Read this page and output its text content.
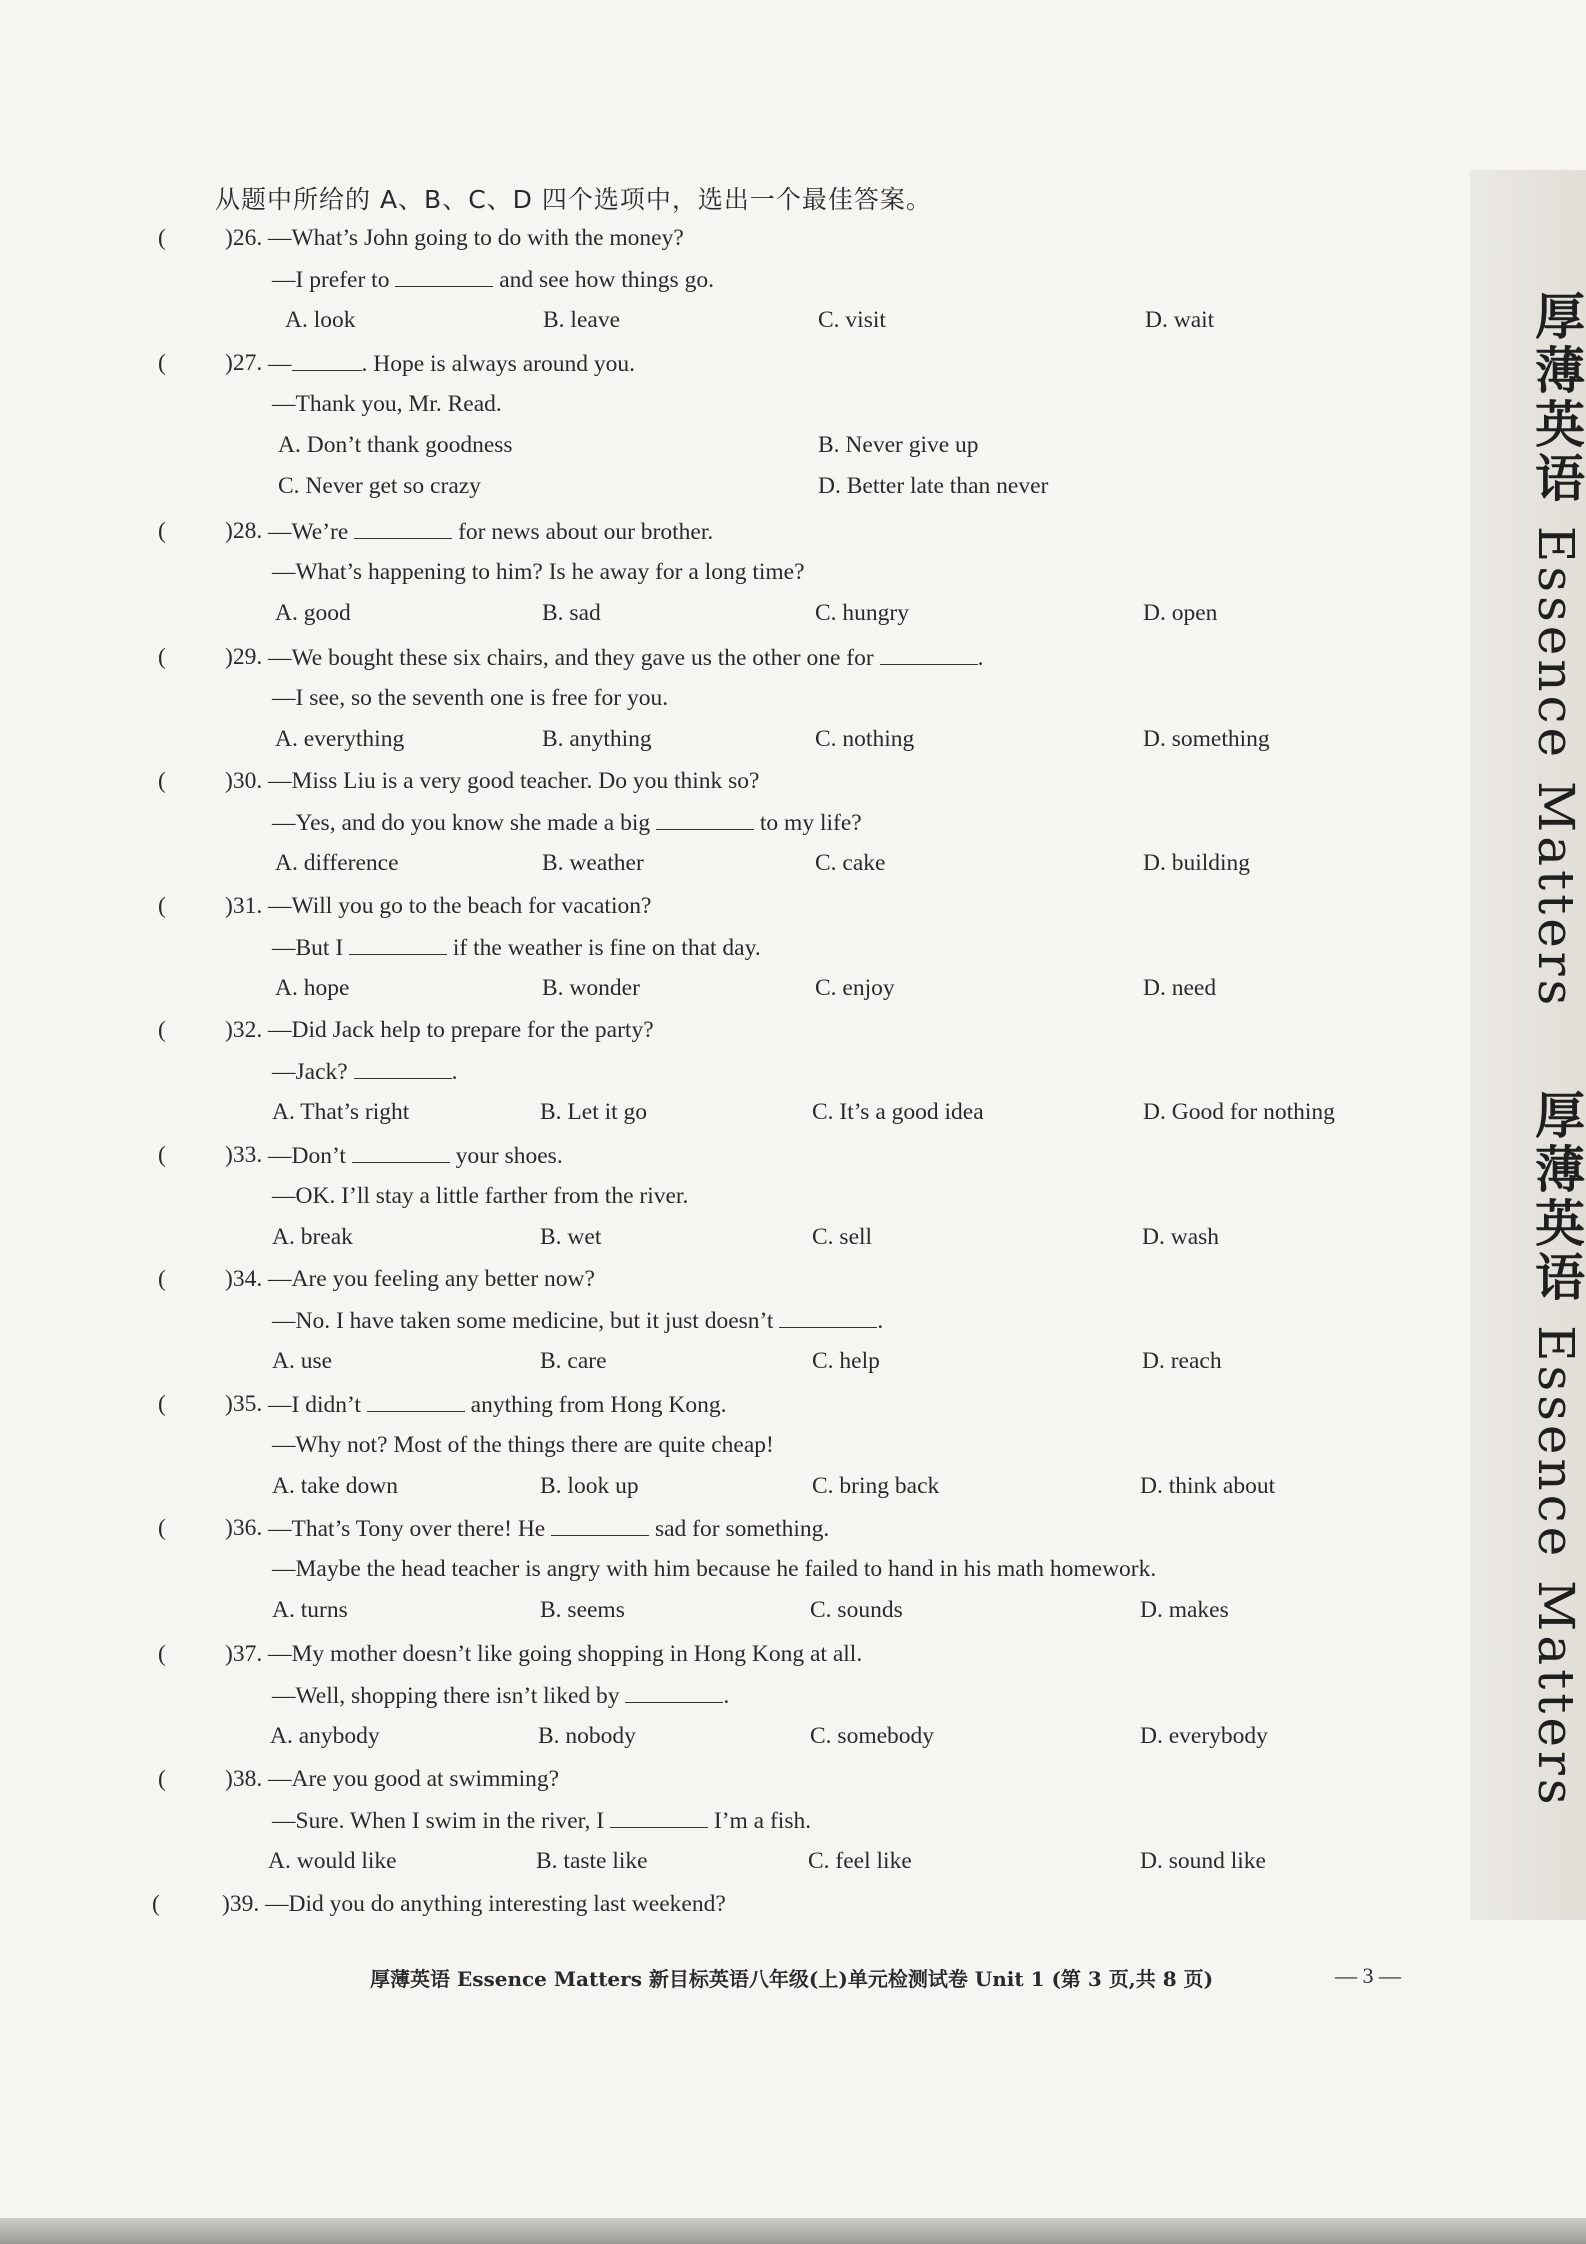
从题中所给的 A、B、C、D 四个选项中，选出一个最佳答案。
(	)26. —What’s John going to do with the money?
—I prefer to	and see how things go.
A. look	B. leave	C. visit	D. wait
(	)27. —	. Hope is always around you.
—Thank you, Mr. Read.
A. Don’t thank goodness	B. Never give up
C. Never get so crazy	D. Better late than never
(	)28. —We’re	for news about our brother.
—What’s happening to him? Is he away for a long time?
A. good	B. sad	C. hungry	D. open
(	)29. —We bought these six chairs, and they gave us the other one for	.
—I see, so the seventh one is free for you.
A. everything	B. anything	C. nothing	D. something
(	)30. —Miss Liu is a very good teacher. Do you think so?
—Yes, and do you know she made a big	to my life?
A. difference	B. weather	C. cake	D. building
(	)31. —Will you go to the beach for vacation?
—But I	if the weather is fine on that day.
A. hope	B. wonder	C. enjoy	D. need
(	)32. —Did Jack help to prepare for the party?
—Jack?	.
A. That’s right	B. Let it go	C. It’s a good idea	D. Good for nothing
(	)33. —Don’t	your shoes.
—OK. I’ll stay a little farther from the river.
A. break	B. wet	C. sell	D. wash
(	)34. —Are you feeling any better now?
—No. I have taken some medicine, but it just doesn’t	.
A. use	B. care	C. help	D. reach
(	)35. —I didn’t	anything from Hong Kong.
—Why not? Most of the things there are quite cheap!
A. take down	B. look up	C. bring back	D. think about
(	)36. —That’s Tony over there! He	sad for something.
—Maybe the head teacher is angry with him because he failed to hand in his math homework.
A. turns	B. seems	C. sounds	D. makes
(	)37. —My mother doesn’t like going shopping in Hong Kong at all.
—Well, shopping there isn’t liked by	.
A. anybody	B. nobody	C. somebody	D. everybody
(	)38. —Are you good at swimming?
—Sure. When I swim in the river, I	I’m a fish.
A. would like	B. taste like	C. feel like	D. sound like
(	)39. —Did you do anything interesting last weekend?
厚薄英语 Essence Matters 新目标英语八年级(上)单元检测试卷 Unit 1 (第 3 页,共 8 页)	— 3 —
厚薄英语 Essence Matters  厚薄英语 Essence Matters
